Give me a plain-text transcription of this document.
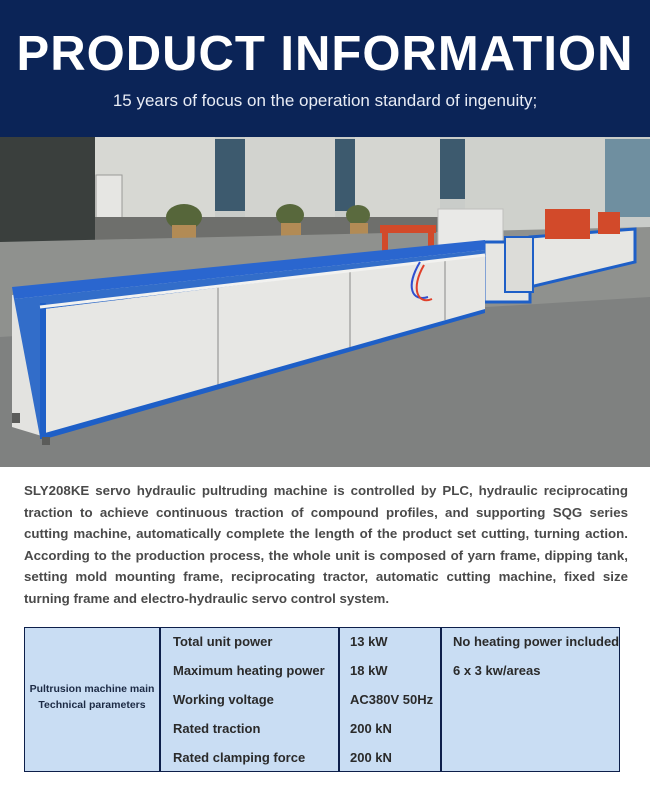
PRODUCT INFORMATION
15 years of focus on the operation standard of ingenuity;

SLY208KE servo hydraulic pultruding machine is controlled by PLC, hydraulic reciprocating traction to achieve continuous traction of compound profiles, and supporting SQG series cutting machine, automatically complete the length of the product set cutting, turning action. According to the production process, the whole unit is composed of yarn frame, dipping tank, setting mold mounting frame, reciprocating tractor, automatic cutting machine, fixed size turning frame and electro-hydraulic servo control system.

Pultrusion machine main
Technical parameters
Total unit power	13 kW	No heating power included
Maximum heating power 18 kW	6 x 3 kw/areas
Working voltage	AC380V 50Hz
Rated traction	200 kN
Rated clamping force	200 kN
